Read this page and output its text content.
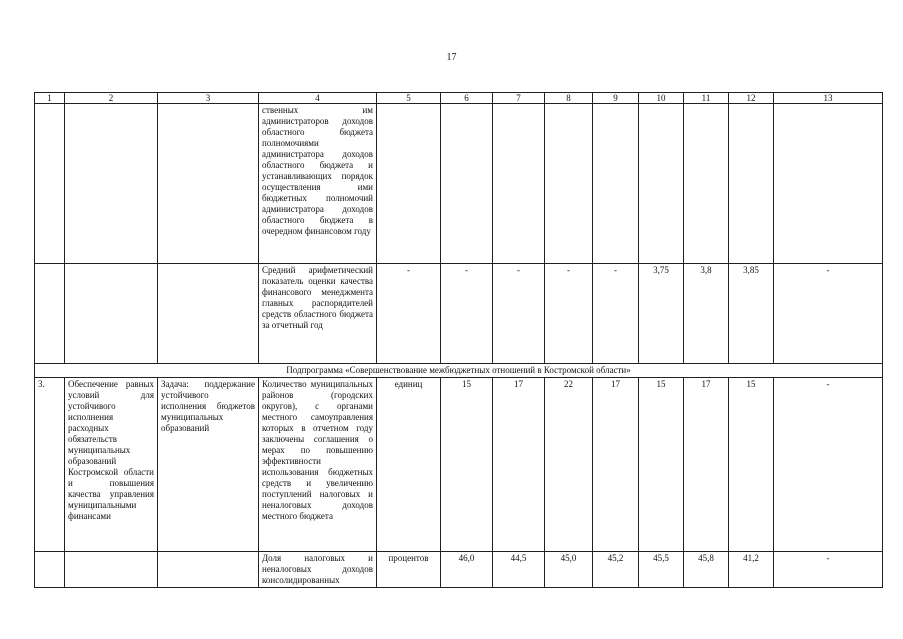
17
1	2	3	4	5	6	7	8	9	10	11	12	13
			ственных им администраторов доходов областного бюджета полномочиями администратора доходов областного бюджета и устанавливающих порядок осуществления ими бюджетных полномочий администратора доходов областного бюджета в очередном финансовом году									
			Средний арифметический показатель оценки качества финансового менеджмента главных распорядителей средств областного бюджета за отчетный год	-	-	-	-	-	3,75	3,8	3,85	-
Подпрограмма «Совершенствование межбюджетных отношений в Костромской области»												
3.	Обеспечение равных условий для устойчивого исполнения расходных обязательств муниципальных образований Костромской области и повышения качества управления муниципальными финансами	Задача: поддержание устойчивого исполнения бюджетов муниципальных образований	Количество муниципальных районов (городских округов), с органами местного самоуправления которых в отчетном году заключены соглашения о мерах по повышению эффективности использования бюджетных средств и увеличению поступлений налоговых и неналоговых доходов местного бюджета	единиц	15	17	22	17	15	17	15	-
			Доля налоговых и неналоговых доходов консолидированных	процентов	46,0	44,5	45,0	45,2	45,5	45,8	41,2	-
